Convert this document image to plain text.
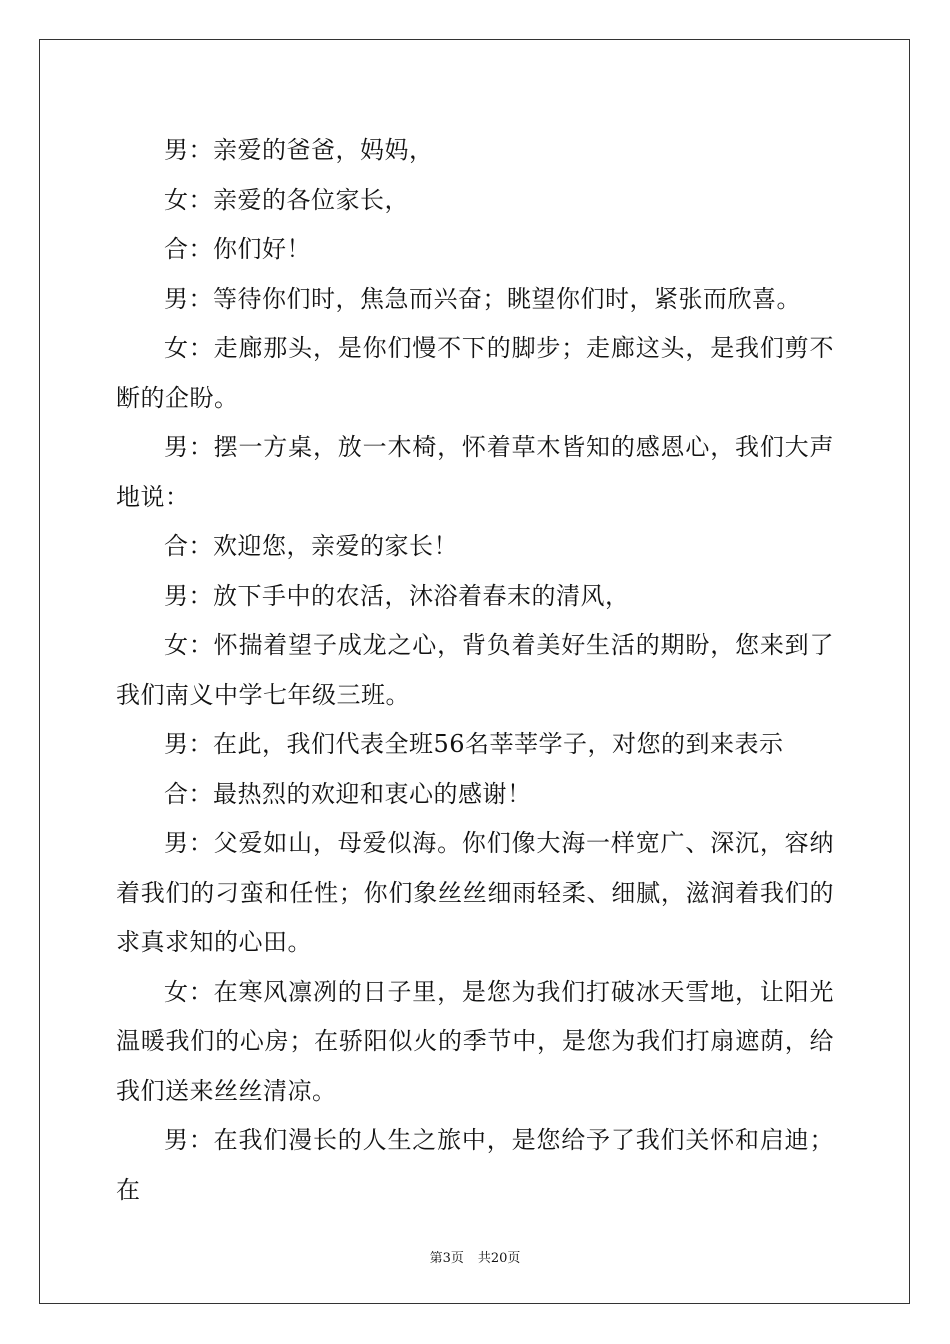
男：亲爱的爸爸，妈妈，

女：亲爱的各位家长，

合：你们好！

男：等待你们时，焦急而兴奋；眺望你们时，紧张而欣喜。

女：走廊那头，是你们慢不下的脚步；走廊这头，是我们剪不断的企盼。

男：摆一方桌，放一木椅，怀着草木皆知的感恩心，我们大声地说：

合：欢迎您，亲爱的家长！

男：放下手中的农活，沐浴着春末的清风，

女：怀揣着望子成龙之心，背负着美好生活的期盼，您来到了我们南义中学七年级三班。

男：在此，我们代表全班56名莘莘学子，对您的到来表示

合：最热烈的欢迎和衷心的感谢！

男：父爱如山，母爱似海。你们像大海一样宽广、深沉，容纳着我们的刁蛮和任性；你们象丝丝细雨轻柔、细腻，滋润着我们的求真求知的心田。

女：在寒风凛冽的日子里，是您为我们打破冰天雪地，让阳光温暖我们的心房；在骄阳似火的季节中，是您为我们打扇遮荫，给我们送来丝丝清凉。

男：在我们漫长的人生之旅中，是您给予了我们关怀和启迪；在

第3页 共20页
